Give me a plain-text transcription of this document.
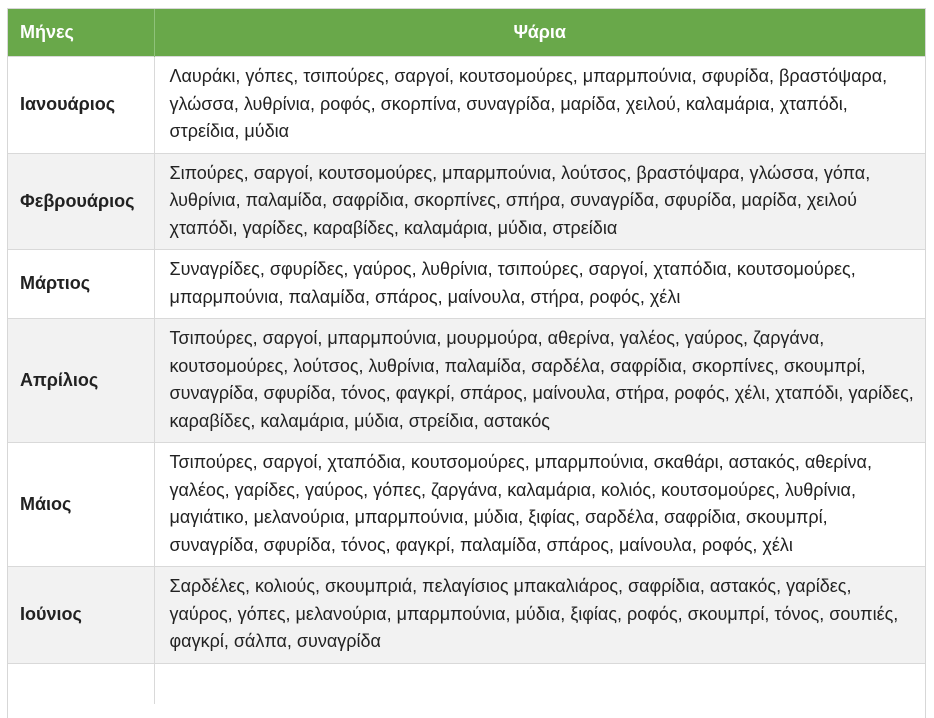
Μήνες	Ψάρια
Ιανουάριος	Λαυράκι, γόπες, τσιπούρες, σαργοί, κουτσομούρες, μπαρμπούνια, σφυρίδα, βραστόψαρα, γλώσσα, λυθρίνια, ροφός, σκορπίνα, συναγρίδα, μαρίδα, χειλού, καλαμάρια, χταπόδι, στρείδια, μύδια
Φεβρουάριος	Σιπούρες, σαργοί, κουτσομούρες, μπαρμπούνια, λούτσος, βραστόψαρα, γλώσσα, γόπα, λυθρίνια, παλαμίδα, σαφρίδια, σκορπίνες, σπήρα, συναγρίδα, σφυρίδα, μαρίδα, χειλού χταπόδι, γαρίδες, καραβίδες, καλαμάρια, μύδια, στρείδια
Μάρτιος	Συναγρίδες, σφυρίδες, γαύρος, λυθρίνια, τσιπούρες, σαργοί, χταπόδια, κουτσομούρες, μπαρμπούνια, παλαμίδα, σπάρος, μαίνουλα, στήρα, ροφός, χέλι
Απρίλιος	Τσιπούρες, σαργοί, μπαρμπούνια, μουρμούρα, αθερίνα, γαλέος, γαύρος, ζαργάνα, κουτσομούρες, λούτσος, λυθρίνια, παλαμίδα, σαρδέλα, σαφρίδια, σκορπίνες, σκουμπρί, συναγρίδα, σφυρίδα, τόνος, φαγκρί, σπάρος, μαίνουλα, στήρα, ροφός, χέλι, χταπόδι, γαρίδες, καραβίδες, καλαμάρια, μύδια, στρείδια, αστακός
Μάιος	Τσιπούρες, σαργοί, χταπόδια, κουτσομούρες, μπαρμπούνια, σκαθάρι, αστακός, αθερίνα, γαλέος, γαρίδες, γαύρος, γόπες, ζαργάνα, καλαμάρια, κολιός, κουτσομούρες, λυθρίνια, μαγιάτικο, μελανούρια, μπαρμπούνια, μύδια, ξιφίας, σαρδέλα, σαφρίδια, σκουμπρί, συναγρίδα, σφυρίδα, τόνος, φαγκρί, παλαμίδα, σπάρος, μαίνουλα, ροφός, χέλι
Ιούνιος	Σαρδέλες, κολιούς, σκουμπριά, πελαγίσιος μπακαλιάρος, σαφρίδια, αστακός, γαρίδες, γαύρος, γόπες, μελανούρια, μπαρμπούνια, μύδια, ξιφίας, ροφός, σκουμπρί, τόνος, σουπιές, φαγκρί, σάλπα, συναγρίδα
